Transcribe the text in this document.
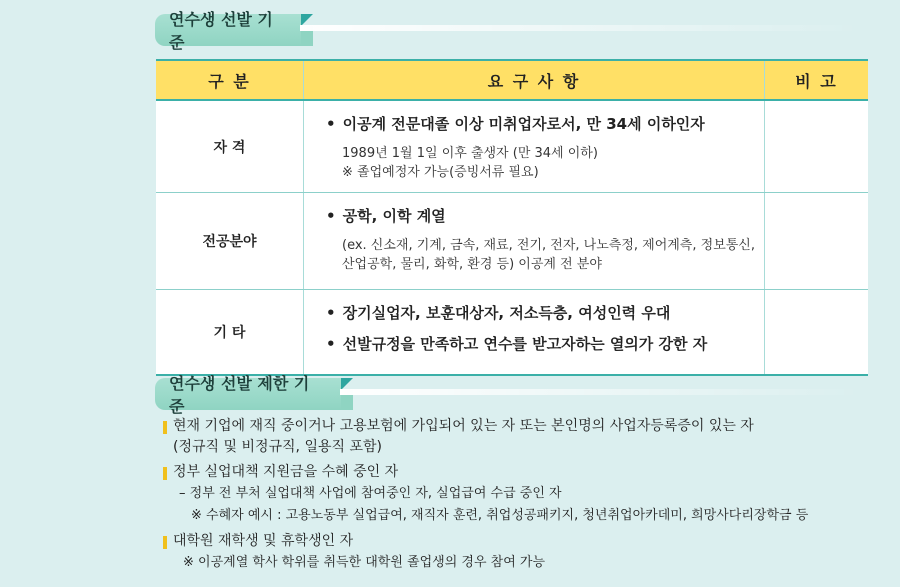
연수생 선발 기준
구 분	요 구 사 항	비 고
자 격	• 이공계 전문대졸 이상 미취업자로서, 만 34세 이하인자
1989년 1월 1일 이후 출생자 (만 34세 이하)
※ 졸업예정자 가능(증빙서류 필요)

전공분야	• 공학, 이학 계열
(ex. 신소재, 기계, 금속, 재료, 전기, 전자, 나노측정, 제어계측, 정보통신,
산업공학, 물리, 화학, 환경 등) 이공계 전 분야

기 타	• 장기실업자, 보훈대상자, 저소득층, 여성인력 우대
• 선발규정을 만족하고 연수를 받고자하는 열의가 강한 자

연수생 선발 제한 기준
현재 기업에 재직 중이거나 고용보험에 가입되어 있는 자 또는 본인명의 사업자등록증이 있는 자
(정규직 및 비정규직, 일용직 포함)
정부 실업대책 지원금을 수혜 중인 자
– 정부 전 부처 실업대책 사업에 참여중인 자, 실업급여 수급 중인 자
※ 수혜자 예시 : 고용노동부 실업급여, 재직자 훈련, 취업성공패키지, 청년취업아카데미, 희망사다리장학금 등
대학원 재학생 및 휴학생인 자
※ 이공계열 학사 학위를 취득한 대학원 졸업생의 경우 참여 가능
